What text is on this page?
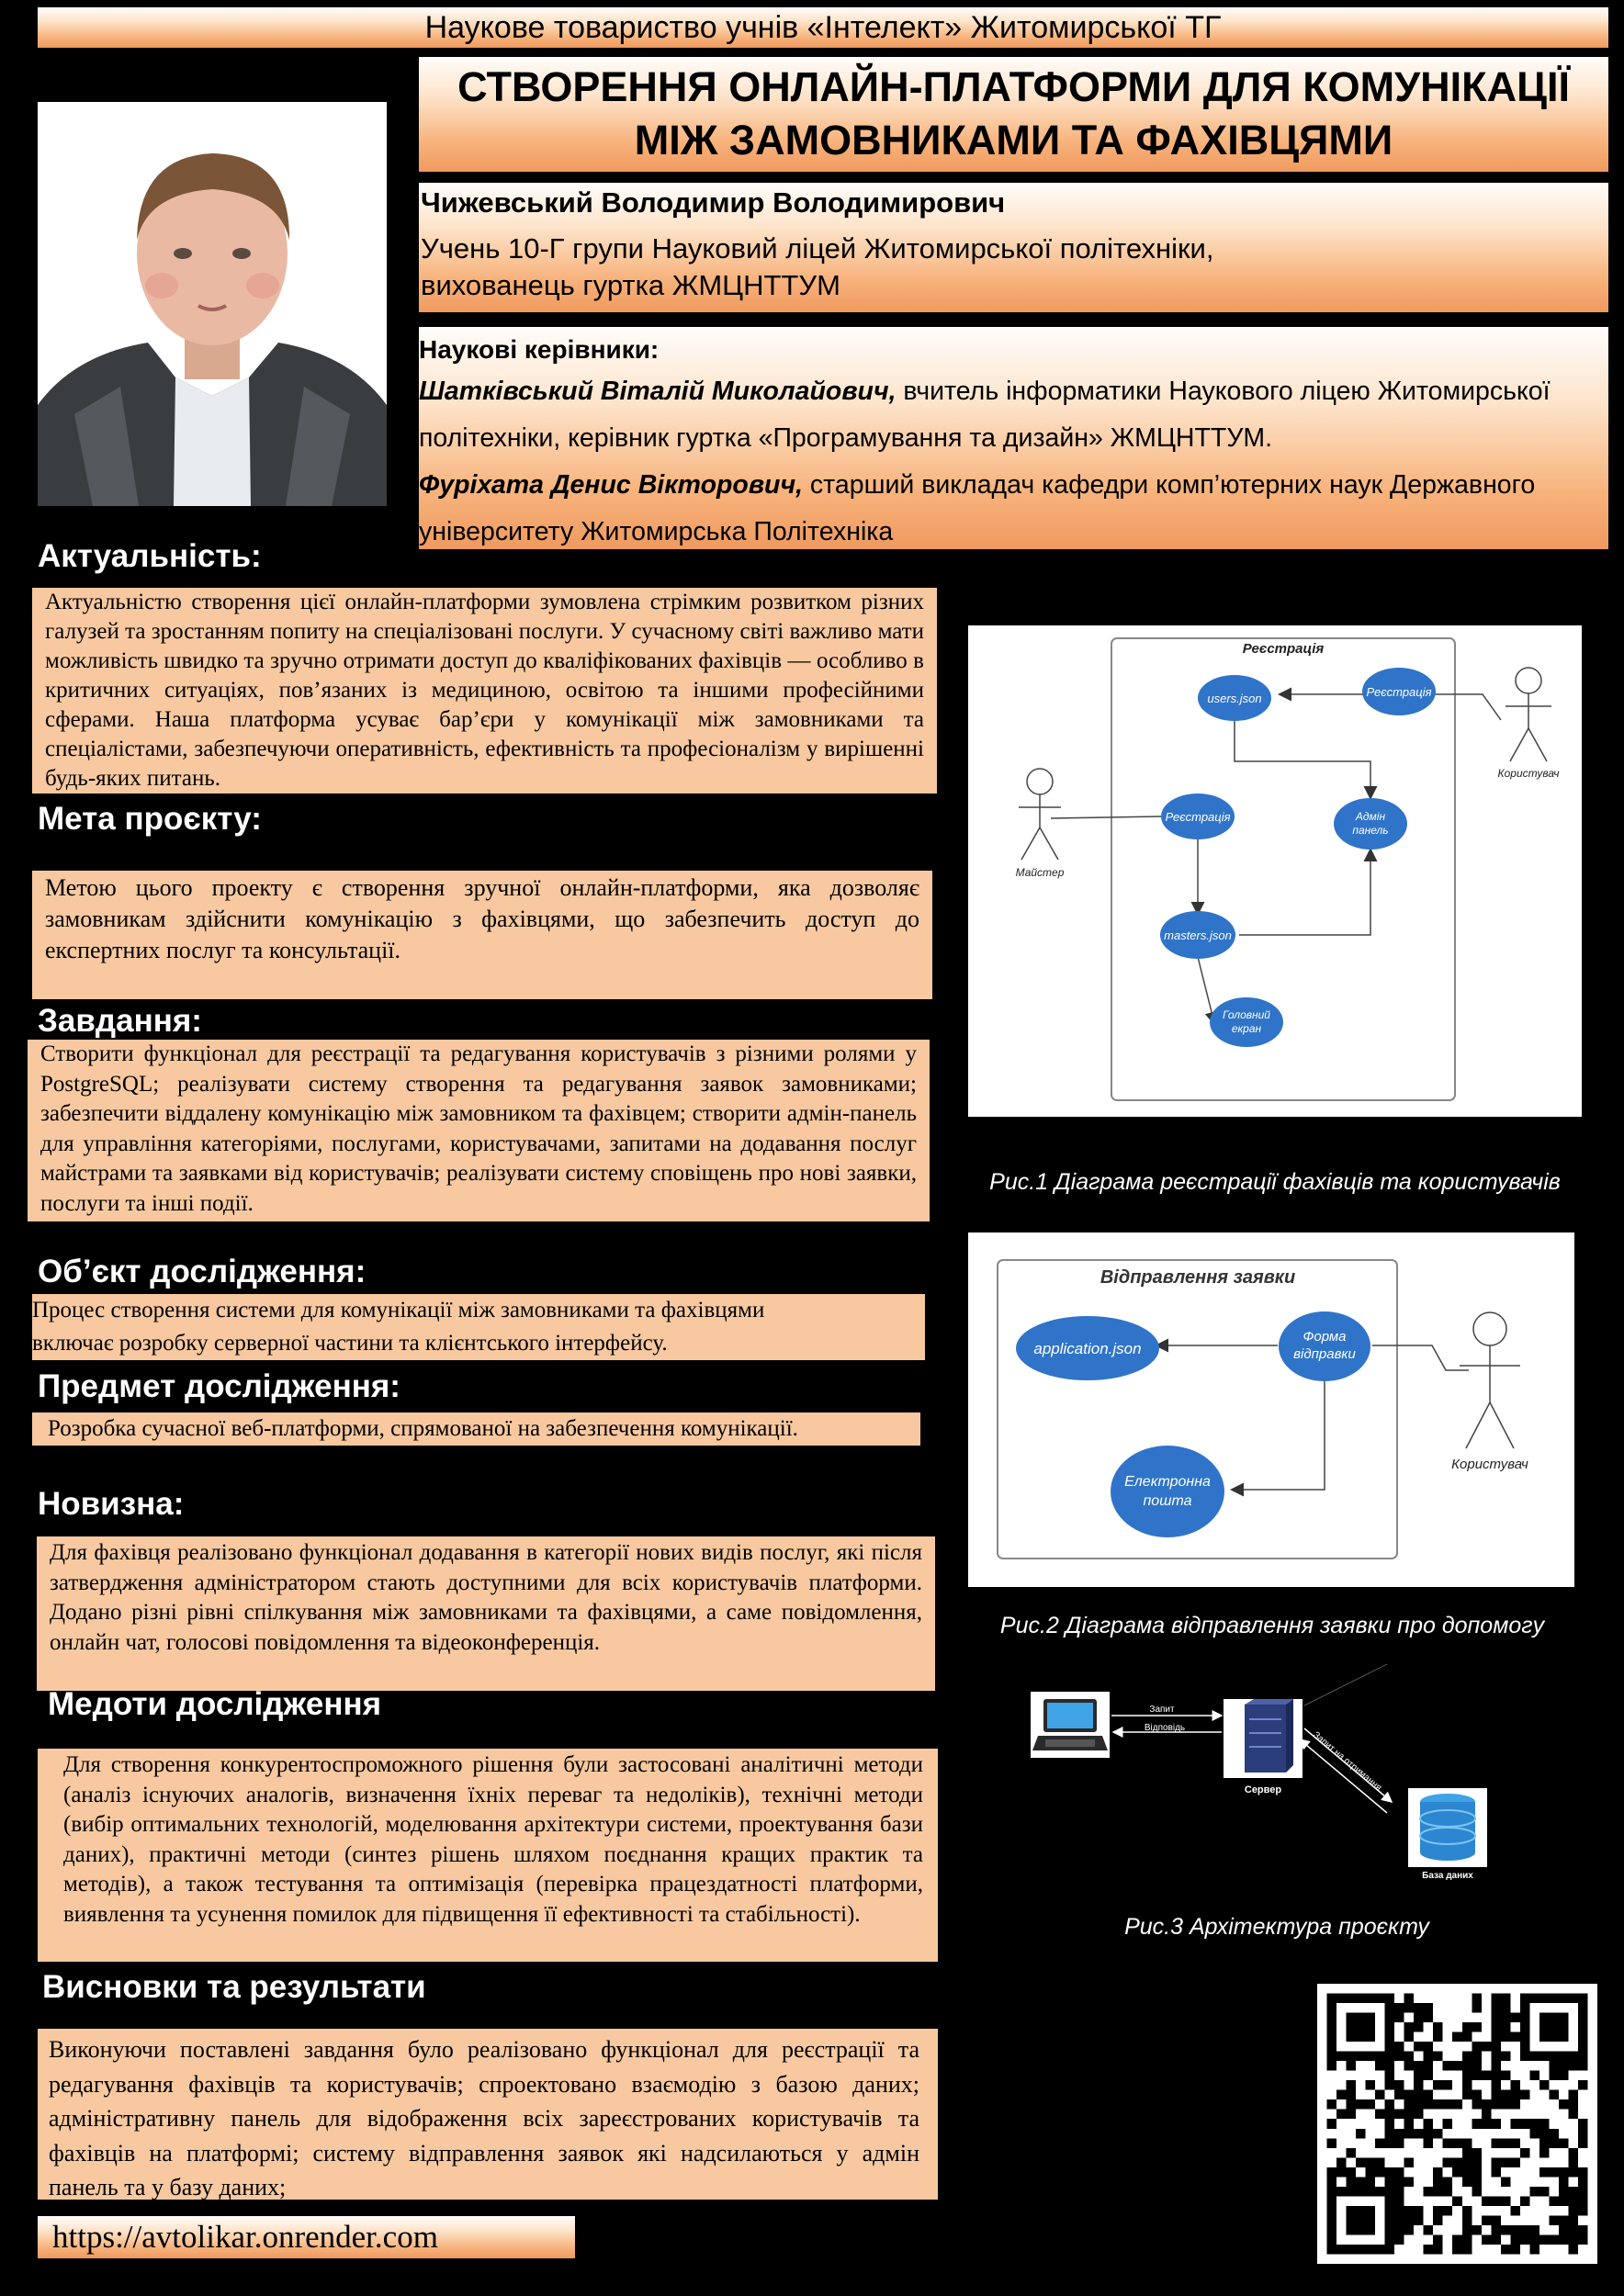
Наукове товариство учнів «Інтелект» Житомирської ТГ
СТВОРЕННЯ ОНЛАЙН-ПЛАТФОРМИ ДЛЯ КОМУНІКАЦІЇ
МІЖ ЗАМОВНИКАМИ ТА ФАХІВЦЯМИ
Чижевський Володимир Володимирович
Учень 10-Г групи Науковий ліцей Житомирської політехніки,
вихованець гуртка ЖМЦНТТУМ
Наукові керівники:
Шатківський Віталій Миколайович, вчитель інформатики Наукового ліцею Житомирської
політехніки, керівник гуртка «Програмування та дизайн» ЖМЦНТТУМ.
Фуріхата Денис Вікторович, старший викладач кафедри комп’ютерних наук Державного
університету Житомирська Політехніка
Актуальність:
Актуальністю створення цієї онлайн-платформи зумовлена стрімким розвитком різних галузей та зростанням попиту на спеціалізовані послуги. У сучасному світі важливо мати можливість швидко та зручно отримати доступ до кваліфікованих фахівців — особливо в критичних ситуаціях, пов’язаних із медициною, освітою та іншими професійними сферами. Наша платформа усуває бар’єри у комунікації між замовниками та спеціалістами, забезпечуючи оперативність, ефективність та професіоналізм у вирішенні будь-яких питань.
Мета проєкту:
Метою цього проекту є створення зручної онлайн-платформи, яка дозволяє замовникам здійснити комунікацію з фахівцями, що забезпечить доступ до експертних послуг та консультації.
Завдання:
Створити функціонал для реєстрації та редагування користувачів з різними ролями у PostgreSQL; реалізувати систему створення та редагування заявок замовниками; забезпечити віддалену комунікацію між замовником та фахівцем; створити адмін-панель для управління категоріями, послугами, користувачами, запитами на додавання послуг майстрами та заявками від користувачів; реалізувати систему сповіщень про нові заявки, послуги та інші події.
Об’єкт дослідження:
Процес створення системи для комунікації між замовниками та фахівцями
включає розробку серверної частини та клієнтського інтерфейсу.
Предмет дослідження:
Розробка сучасної веб-платформи, спрямованої на забезпечення комунікації.
Новизна:
Для фахівця реалізовано функціонал додавання в категорії нових видів послуг, які після затвердження адміністратором стають доступними для всіх користувачів платформи. Додано різні рівні спілкування між замовниками та фахівцями, а саме повідомлення, онлайн чат, голосові повідомлення та відеоконференція.
Медоти дослідження
Для створення конкурентоспроможного рішення були застосовані аналітичні методи (аналіз існуючих аналогів, визначення їхніх переваг та недоліків), технічні методи (вибір оптимальних технологій, моделювання архітектури системи, проектування бази даних), практичні методи (синтез рішень шляхом поєднання кращих практик та методів), а також тестування та оптимізація (перевірка працездатності платформи, виявлення та усунення помилок для підвищення її ефективності та стабільності).
Висновки та результати
Виконуючи поставлені завдання було реалізовано функціонал для реєстрації та редагування фахівців та користувачів; спроектовано взаємодію з базою даних; адміністративну панель для відображення всіх зареєстрованих користувачів та фахівців на платформі; систему відправлення заявок які надсилаються у адмін панель та у базу даних;
https://avtolikar.onrender.com
Реєстрація
users.json	Реєстрація
Реєстрація	Адмін
панель
masters.json
Головний
екран
Користувач
Майстер
Рис.1 Діаграма реєстрації фахівців та користувачів
Відправлення заявки
application.json
Форма
відправки
Електронна
пошта
Користувач
Рис.2 Діаграма відправлення заявки про допомогу
Запит
Відповідь
Сервер	Запит на отримання
База даних
Рис.3 Архітектура проєкту
